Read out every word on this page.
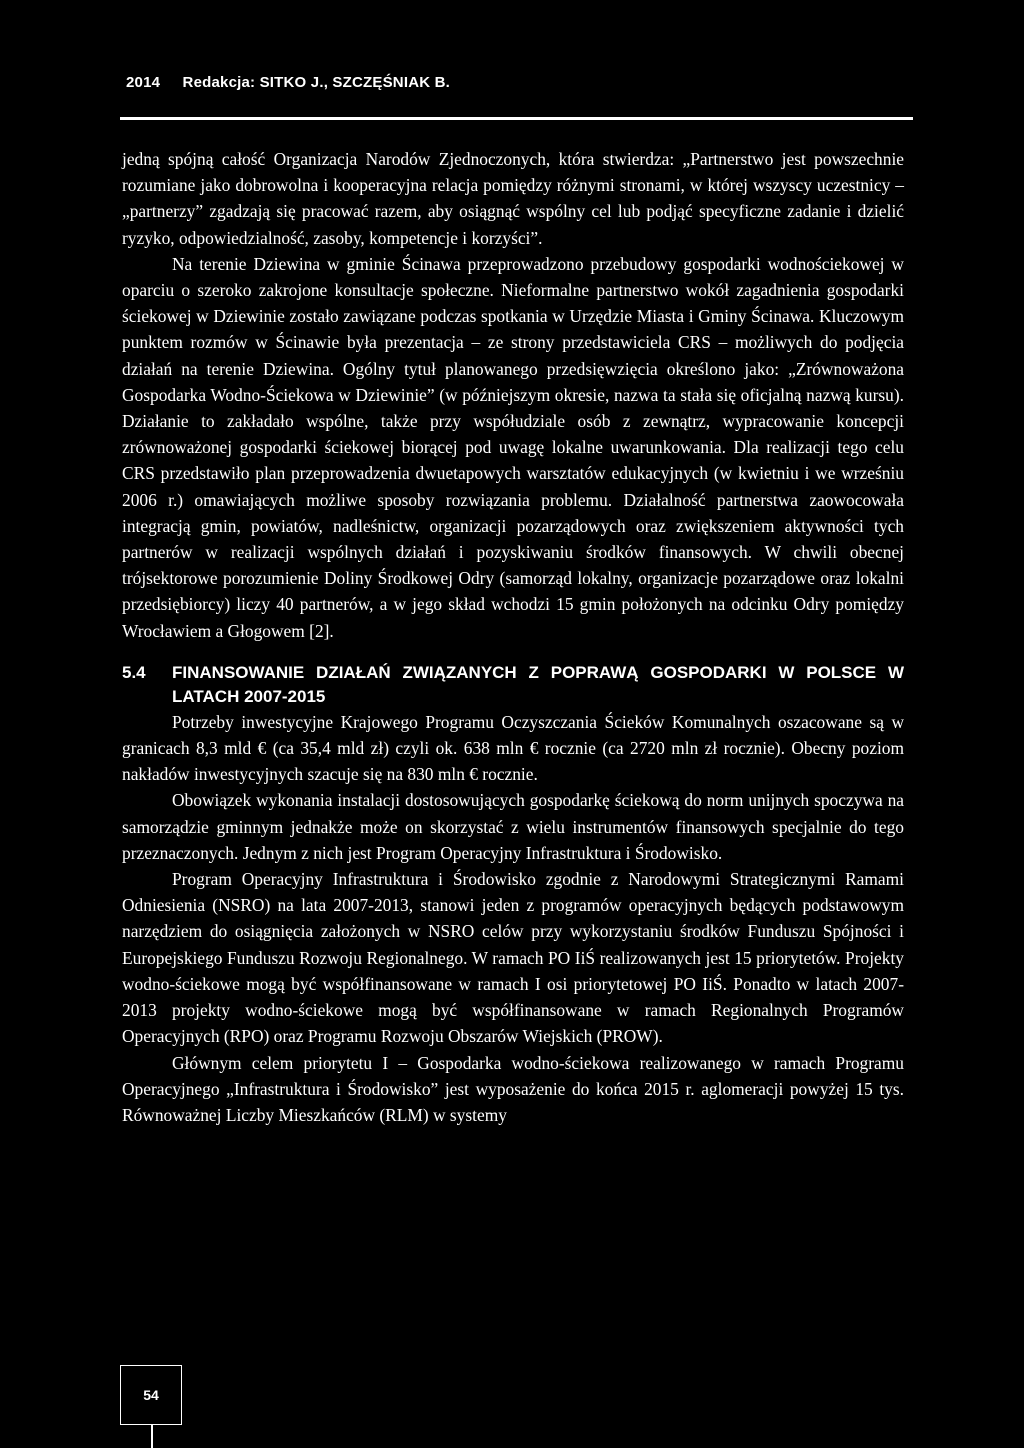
2014 Redakcja: SITKO J., SZCZĘŚNIAK B.

jedną spójną całość Organizacja Narodów Zjednoczonych, która stwierdza: „Partnerstwo jest powszechnie rozumiane jako dobrowolna i kooperacyjna relacja pomiędzy różnymi stronami, w której wszyscy uczestnicy – „partnerzy” zgadzają się pracować razem, aby osiągnąć wspólny cel lub podjąć specyficzne zadanie i dzielić ryzyko, odpowiedzialność, zasoby, kompetencje i korzyści”.

Na terenie Dziewina w gminie Ścinawa przeprowadzono przebudowy gospodarki wodnościekowej w oparciu o szeroko zakrojone konsultacje społeczne. Nieformalne partnerstwo wokół zagadnienia gospodarki ściekowej w Dziewinie zostało zawiązane podczas spotkania w Urzędzie Miasta i Gminy Ścinawa. Kluczowym punktem rozmów w Ścinawie była prezentacja – ze strony przedstawiciela CRS – możliwych do podjęcia działań na terenie Dziewina. Ogólny tytuł planowanego przedsięwzięcia określono jako: „Zrównoważona Gospodarka Wodno-Ściekowa w Dziewinie” (w późniejszym okresie, nazwa ta stała się oficjalną nazwą kursu). Działanie to zakładało wspólne, także przy współudziale osób z zewnątrz, wypracowanie koncepcji zrównoważonej gospodarki ściekowej biorącej pod uwagę lokalne uwarunkowania. Dla realizacji tego celu CRS przedstawiło plan przeprowadzenia dwuetapowych warsztatów edukacyjnych (w kwietniu i we wrześniu 2006 r.) omawiających możliwe sposoby rozwiązania problemu. Działalność partnerstwa zaowocowała integracją gmin, powiatów, nadleśnictw, organizacji pozarządowych oraz zwiększeniem aktywności tych partnerów w realizacji wspólnych działań i pozyskiwaniu środków finansowych. W chwili obecnej trójsektorowe porozumienie Doliny Środkowej Odry (samorząd lokalny, organizacje pozarządowe oraz lokalni przedsiębiorcy) liczy 40 partnerów, a w jego skład wchodzi 15 gmin położonych na odcinku Odry pomiędzy Wrocławiem a Głogowem [2].

5.4	FINANSOWANIE DZIAŁAŃ ZWIĄZANYCH Z POPRAWĄ GOSPODARKI W POLSCE W LATACH 2007-2015

Potrzeby inwestycyjne Krajowego Programu Oczyszczania Ścieków Komunalnych oszacowane są w granicach 8,3 mld € (ca 35,4 mld zł) czyli ok. 638 mln € rocznie (ca 2720 mln zł rocznie). Obecny poziom nakładów inwestycyjnych szacuje się na 830 mln € rocznie.

Obowiązek wykonania instalacji dostosowujących gospodarkę ściekową do norm unijnych spoczywa na samorządzie gminnym jednakże może on skorzystać z wielu instrumentów finansowych specjalnie do tego przeznaczonych. Jednym z nich jest Program Operacyjny Infrastruktura i Środowisko.

Program Operacyjny Infrastruktura i Środowisko zgodnie z Narodowymi Strategicznymi Ramami Odniesienia (NSRO) na lata 2007-2013, stanowi jeden z programów operacyjnych będących podstawowym narzędziem do osiągnięcia założonych w NSRO celów przy wykorzystaniu środków Funduszu Spójności i Europejskiego Funduszu Rozwoju Regionalnego. W ramach PO IiŚ realizowanych jest 15 priorytetów. Projekty wodno-ściekowe mogą być współfinansowane w ramach I osi priorytetowej PO IiŚ. Ponadto w latach 2007-2013 projekty wodno-ściekowe mogą być współfinansowane w ramach Regionalnych Programów Operacyjnych (RPO) oraz Programu Rozwoju Obszarów Wiejskich (PROW).

Głównym celem priorytetu I – Gospodarka wodno-ściekowa realizowanego w ramach Programu Operacyjnego „Infrastruktura i Środowisko” jest wyposażenie do końca 2015 r. aglomeracji powyżej 15 tys. Równoważnej Liczby Mieszkańców (RLM) w systemy

54
